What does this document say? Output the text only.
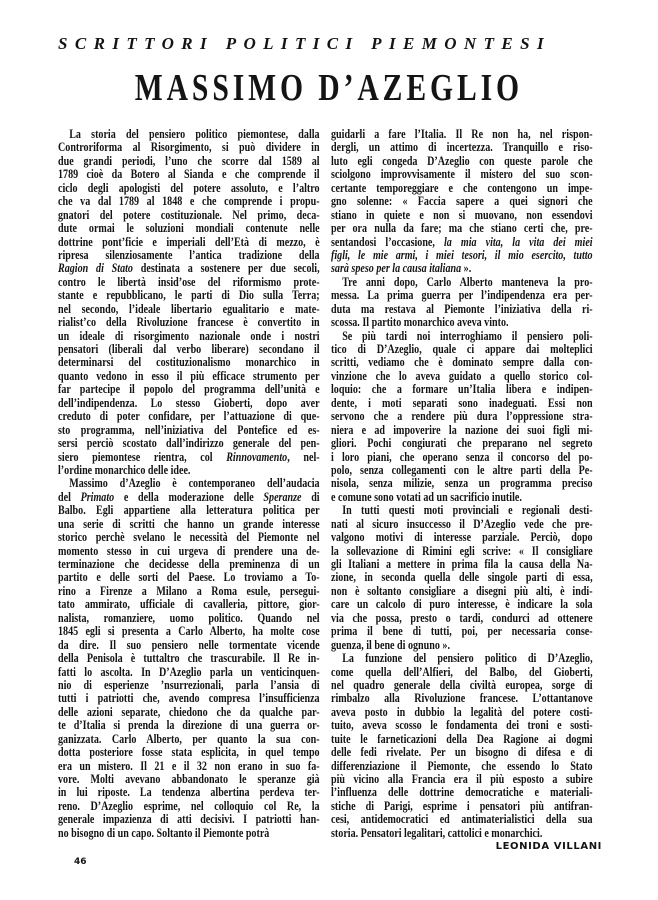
SCRITTORI POLITICI PIEMONTESI
MASSIMO D’AZEGLIO
La storia del pensiero politico piemontese, dalla
Controriforma al Risorgimento, si può dividere in
due grandi periodi, l’uno che scorre dal 1589 al
1789 cioè da Botero al Sianda e che comprende il
ciclo degli apologisti del potere assoluto, e l’altro
che va dal 1789 al 1848 e che comprende i propu-
gnatori del potere costituzionale. Nel primo, deca-
dute ormai le soluzioni mondiali contenute nelle
dottrine pont’ficie e imperiali dell’Età di mezzo, è
ripresa silenziosamente l’antica tradizione della
Ragion di Stato destinata a sostenere per due secoli,
contro le libertà insid’ose del riformismo prote-
stante e repubblicano, le parti di Dio sulla Terra;
nel secondo, l’ideale libertario egualitario e mate-
rialist’co della Rivoluzione francese è convertito in
un ideale di risorgimento nazionale onde i nostri
pensatori (liberali dal verbo liberare) secondano il
determinarsi del costituzionalismo monarchico in
quanto vedono in esso il più efficace strumento per
far partecipe il popolo del programma dell’unità e
dell’indipendenza. Lo stesso Gioberti, dopo aver
creduto di poter confidare, per l’attuazione di que-
sto programma, nell’iniziativa del Pontefice ed es-
sersi perciò scostato dall’indirizzo generale del pen-
siero piemontese rientra, col Rinnovamento, nel-
l’ordine monarchico delle idee.
Massimo d’Azeglio è contemporaneo dell’audacia
del Primato e della moderazione delle Speranze di
Balbo. Egli appartiene alla letteratura politica per
una serie di scritti che hanno un grande interesse
storico perchè svelano le necessità del Piemonte nel
momento stesso in cui urgeva di prendere una de-
terminazione che decidesse della preminenza di un
partito e delle sorti del Paese. Lo troviamo a To-
rino a Firenze a Milano a Roma esule, persegui-
tato ammirato, ufficiale di cavalleria, pittore, gior-
nalista, romanziere, uomo politico. Quando nel
1845 egli si presenta a Carlo Alberto, ha molte cose
da dire. Il suo pensiero nelle tormentate vicende
della Penisola è tuttaltro che trascurabile. Il Re in-
fatti lo ascolta. In D’Azeglio parla un venticinquen-
nio di esperienze ’nsurrezionali, parla l’ansia di
tutti i patriotti che, avendo compresa l’insufficienza
delle azioni separate, chiedono che da qualche par-
te d’Italia si prenda la direzione di una guerra or-
ganizzata. Carlo Alberto, per quanto la sua con-
dotta posteriore fosse stata esplicita, in quel tempo
era un mistero. Il 21 e il 32 non erano in suo fa-
vore. Molti avevano abbandonato le speranze già
in lui riposte. La tendenza albertina perdeva ter-
reno. D’Azeglio esprime, nel colloquio col Re, la
generale impazienza di atti decisivi. I patriotti han-
no bisogno di un capo. Soltanto il Piemonte potrà
guidarli a fare l’Italia. Il Re non ha, nel rispon-
dergli, un attimo di incertezza. Tranquillo e riso-
luto egli congeda D’Azeglio con queste parole che
sciolgono improvvisamente il mistero del suo scon-
certante temporeggiare e che contengono un impe-
gno solenne: « Faccia sapere a quei signori che
stiano in quiete e non si muovano, non essendovi
per ora nulla da fare; ma che stiano certi che, pre-
sentandosi l’occasione, la mia vita, la vita dei miei
figli, le mie armi, i miei tesori, il mio esercito, tutto
sarà speso per la causa italiana ».
Tre anni dopo, Carlo Alberto manteneva la pro-
messa. La prima guerra per l’indipendenza era per-
duta ma restava al Piemonte l’iniziativa della ri-
scossa. Il partito monarchico aveva vinto.
Se più tardi noi interroghiamo il pensiero poli-
tico di D’Azeglio, quale ci appare dai molteplici
scritti, vediamo che è dominato sempre dalla con-
vinzione che lo aveva guidato a quello storico col-
loquio: che a formare un’Italia libera e indipen-
dente, i moti separati sono inadeguati. Essi non
servono che a rendere più dura l’oppressione stra-
niera e ad impoverire la nazione dei suoi figli mi-
gliori. Pochi congiurati che preparano nel segreto
i loro piani, che operano senza il concorso del po-
polo, senza collegamenti con le altre parti della Pe-
nisola, senza milizie, senza un programma preciso
e comune sono votati ad un sacrificio inutile.
In tutti questi moti provinciali e regionali desti-
nati al sicuro insuccesso il D’Azeglio vede che pre-
valgono motivi di interesse parziale. Perciò, dopo
la sollevazione di Rimini egli scrive: « Il consigliare
gli Italiani a mettere in prima fila la causa della Na-
zione, in seconda quella delle singole parti di essa,
non è soltanto consigliare a disegni più alti, è indi-
care un calcolo di puro interesse, è indicare la sola
via che possa, presto o tardi, condurci ad ottenere
prima il bene di tutti, poi, per necessaria conse-
guenza, il bene di ognuno ».
La funzione del pensiero politico di D’Azeglio,
come quella dell’Alfieri, del Balbo, del Gioberti,
nel quadro generale della civiltà europea, sorge di
rimbalzo alla Rivoluzione francese. L’ottantanove
aveva posto in dubbio la legalità del potere costi-
tuito, aveva scosso le fondamenta dei troni e sosti-
tuite le farneticazioni della Dea Ragione ai dogmi
delle fedi rivelate. Per un bisogno di difesa e di
differenziazione il Piemonte, che essendo lo Stato
più vicino alla Francia era il più esposto a subire
l’influenza delle dottrine democratiche e materiali-
stiche di Parigi, esprime i pensatori più antifran-
cesi, antidemocratici ed antimaterialistici della sua
storia. Pensatori legalitari, cattolici e monarchici.
LEONIDA VILLANI
46
